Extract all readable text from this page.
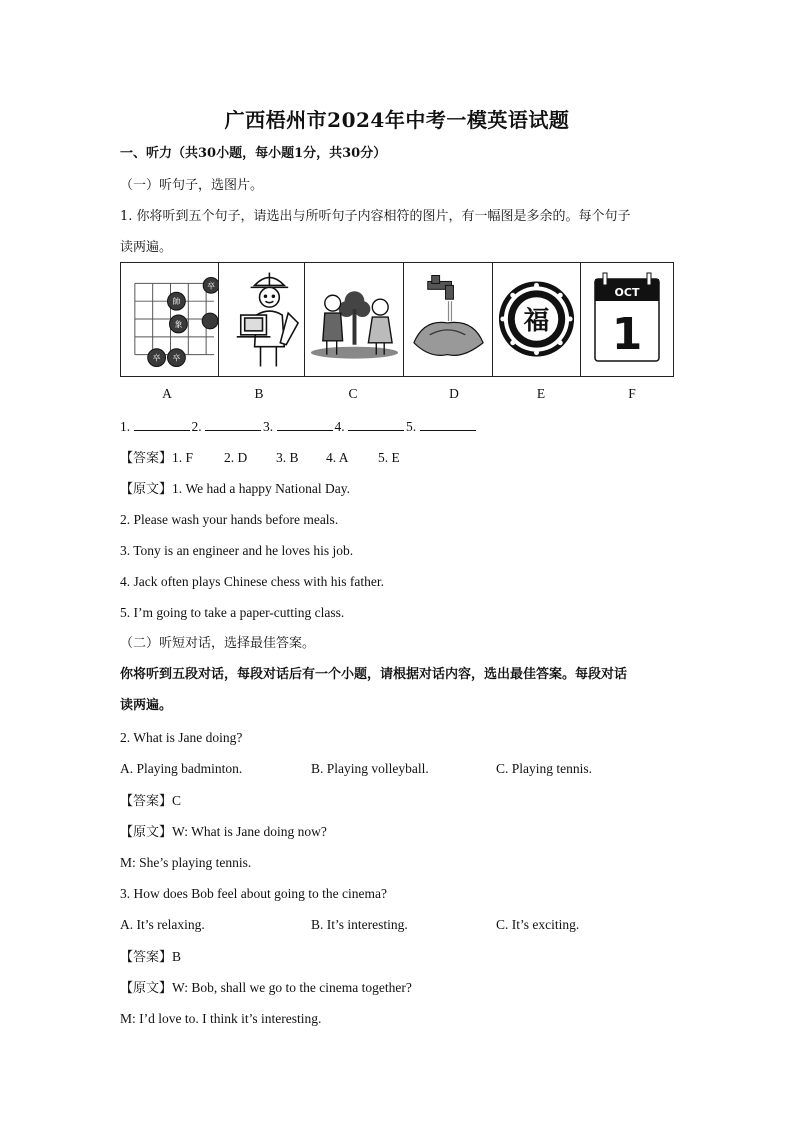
广西梧州市2024年中考一模英语试题
一、听力（共30小题，每小题1分，共30分）
（一）听句子，选图片。
1. 你将听到五个句子，请选出与所听句子内容相符的图片，有一幅图是多余的。每个句子
读两遍。
帥
象
卒 卒
卒
福
OCT
1
A	B	C	D	E	F
1.	2.	3.	4.	5.
【答案】1. F 2. D 3. B 4. A 5. E
【原文】1. We had a happy National Day.
2. Please wash your hands before meals.
3. Tony is an engineer and he loves his job.
4. Jack often plays Chinese chess with his father.
5. I’m going to take a paper-cutting class.
（二）听短对话，选择最佳答案。
你将听到五段对话，每段对话后有一个小题，请根据对话内容，选出最佳答案。每段对话
读两遍。
2. What is Jane doing?
A. Playing badminton.	B. Playing volleyball.	C. Playing tennis.
【答案】C
【原文】W: What is Jane doing now?
M: She’s playing tennis.
3. How does Bob feel about going to the cinema?
A. It’s relaxing.	B. It’s interesting.	C. It’s exciting.
【答案】B
【原文】W: Bob, shall we go to the cinema together?
M: I’d love to. I think it’s interesting.
